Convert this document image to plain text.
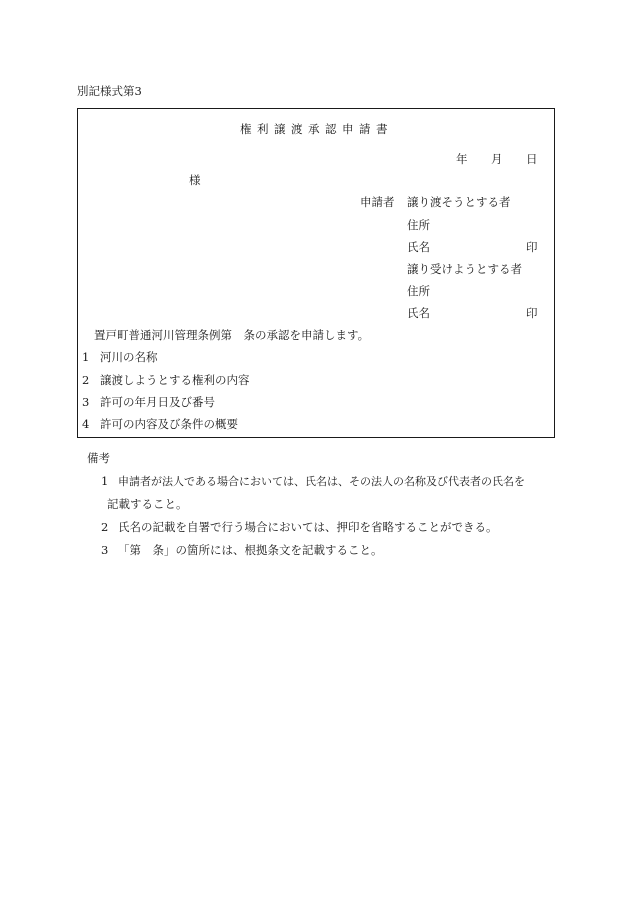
別記様式第3
権利譲渡承認申請書
年 月 日
様
申請者 譲り渡そうとする者
住所
氏名	印
譲り受けようとする者
住所
氏名	印
置戸町普通河川管理条例第　条の承認を申請します。
1 河川の名称
2 譲渡しようとする権利の内容
3 許可の年月日及び番号
4 許可の内容及び条件の概要
備考
1 申請者が法人である場合においては、氏名は、その法人の名称及び代表者の氏名を
記載すること。
2 氏名の記載を自署で行う場合においては、押印を省略することができる。
3 「第　条」の箇所には、根拠条文を記載すること。
